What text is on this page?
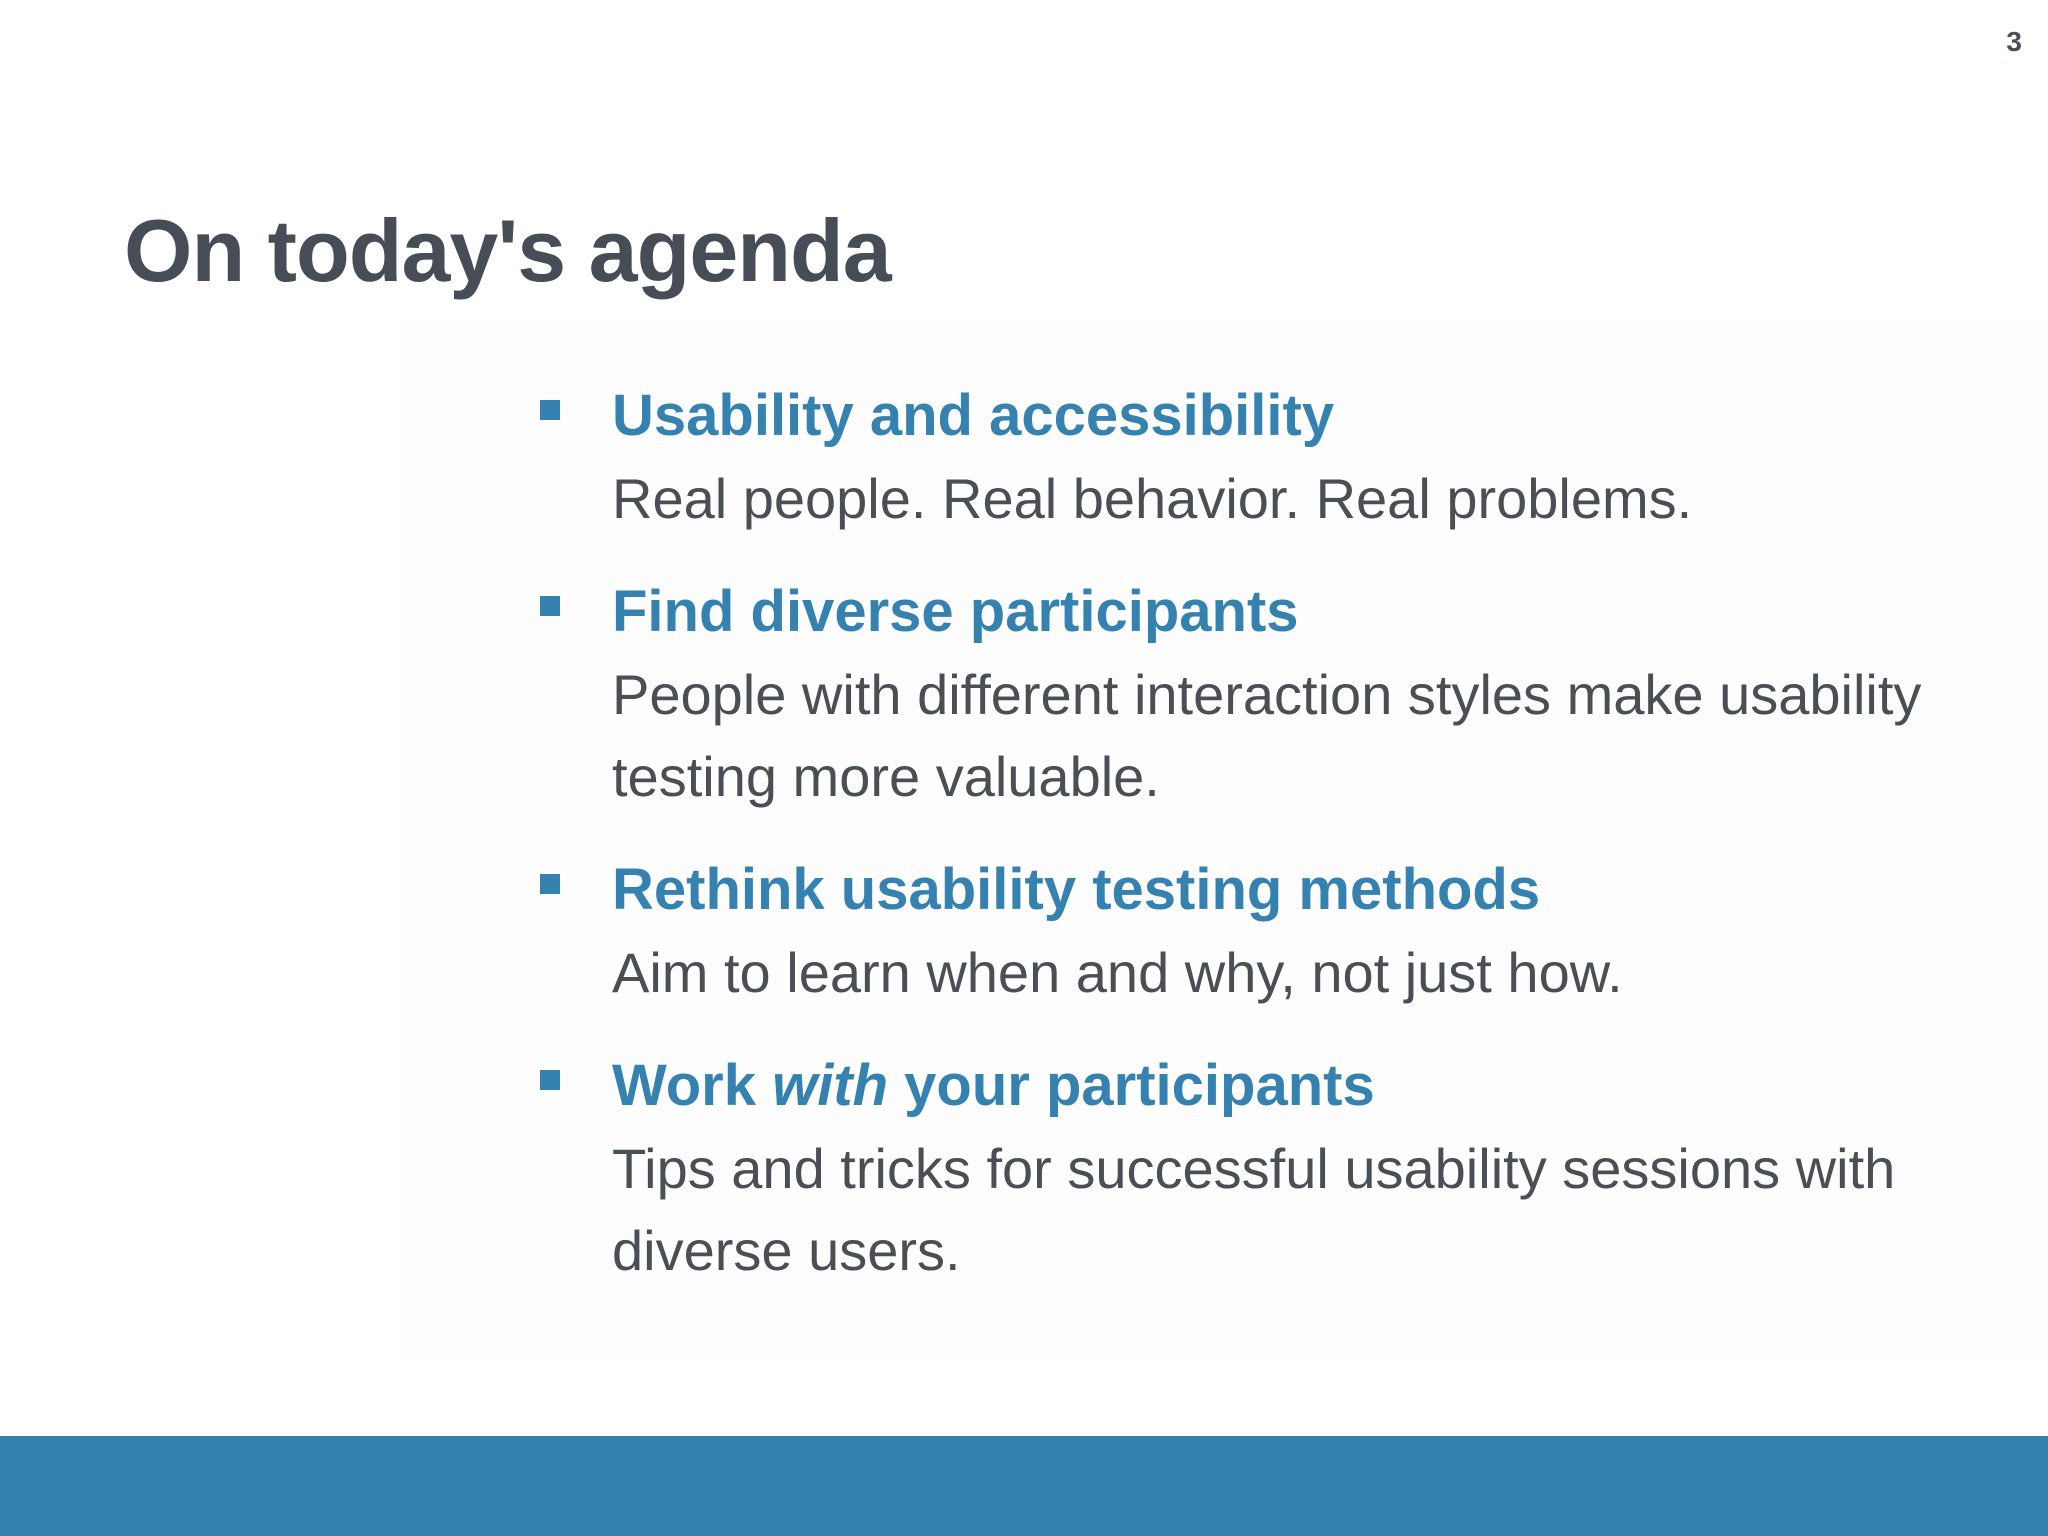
3
On today's agenda
Usability and accessibility
Real people. Real behavior. Real problems.
Find diverse participants
People with different interaction styles make usability testing more valuable.
Rethink usability testing methods
Aim to learn when and why, not just how.
Work with your participants
Tips and tricks for successful usability sessions with diverse users.
